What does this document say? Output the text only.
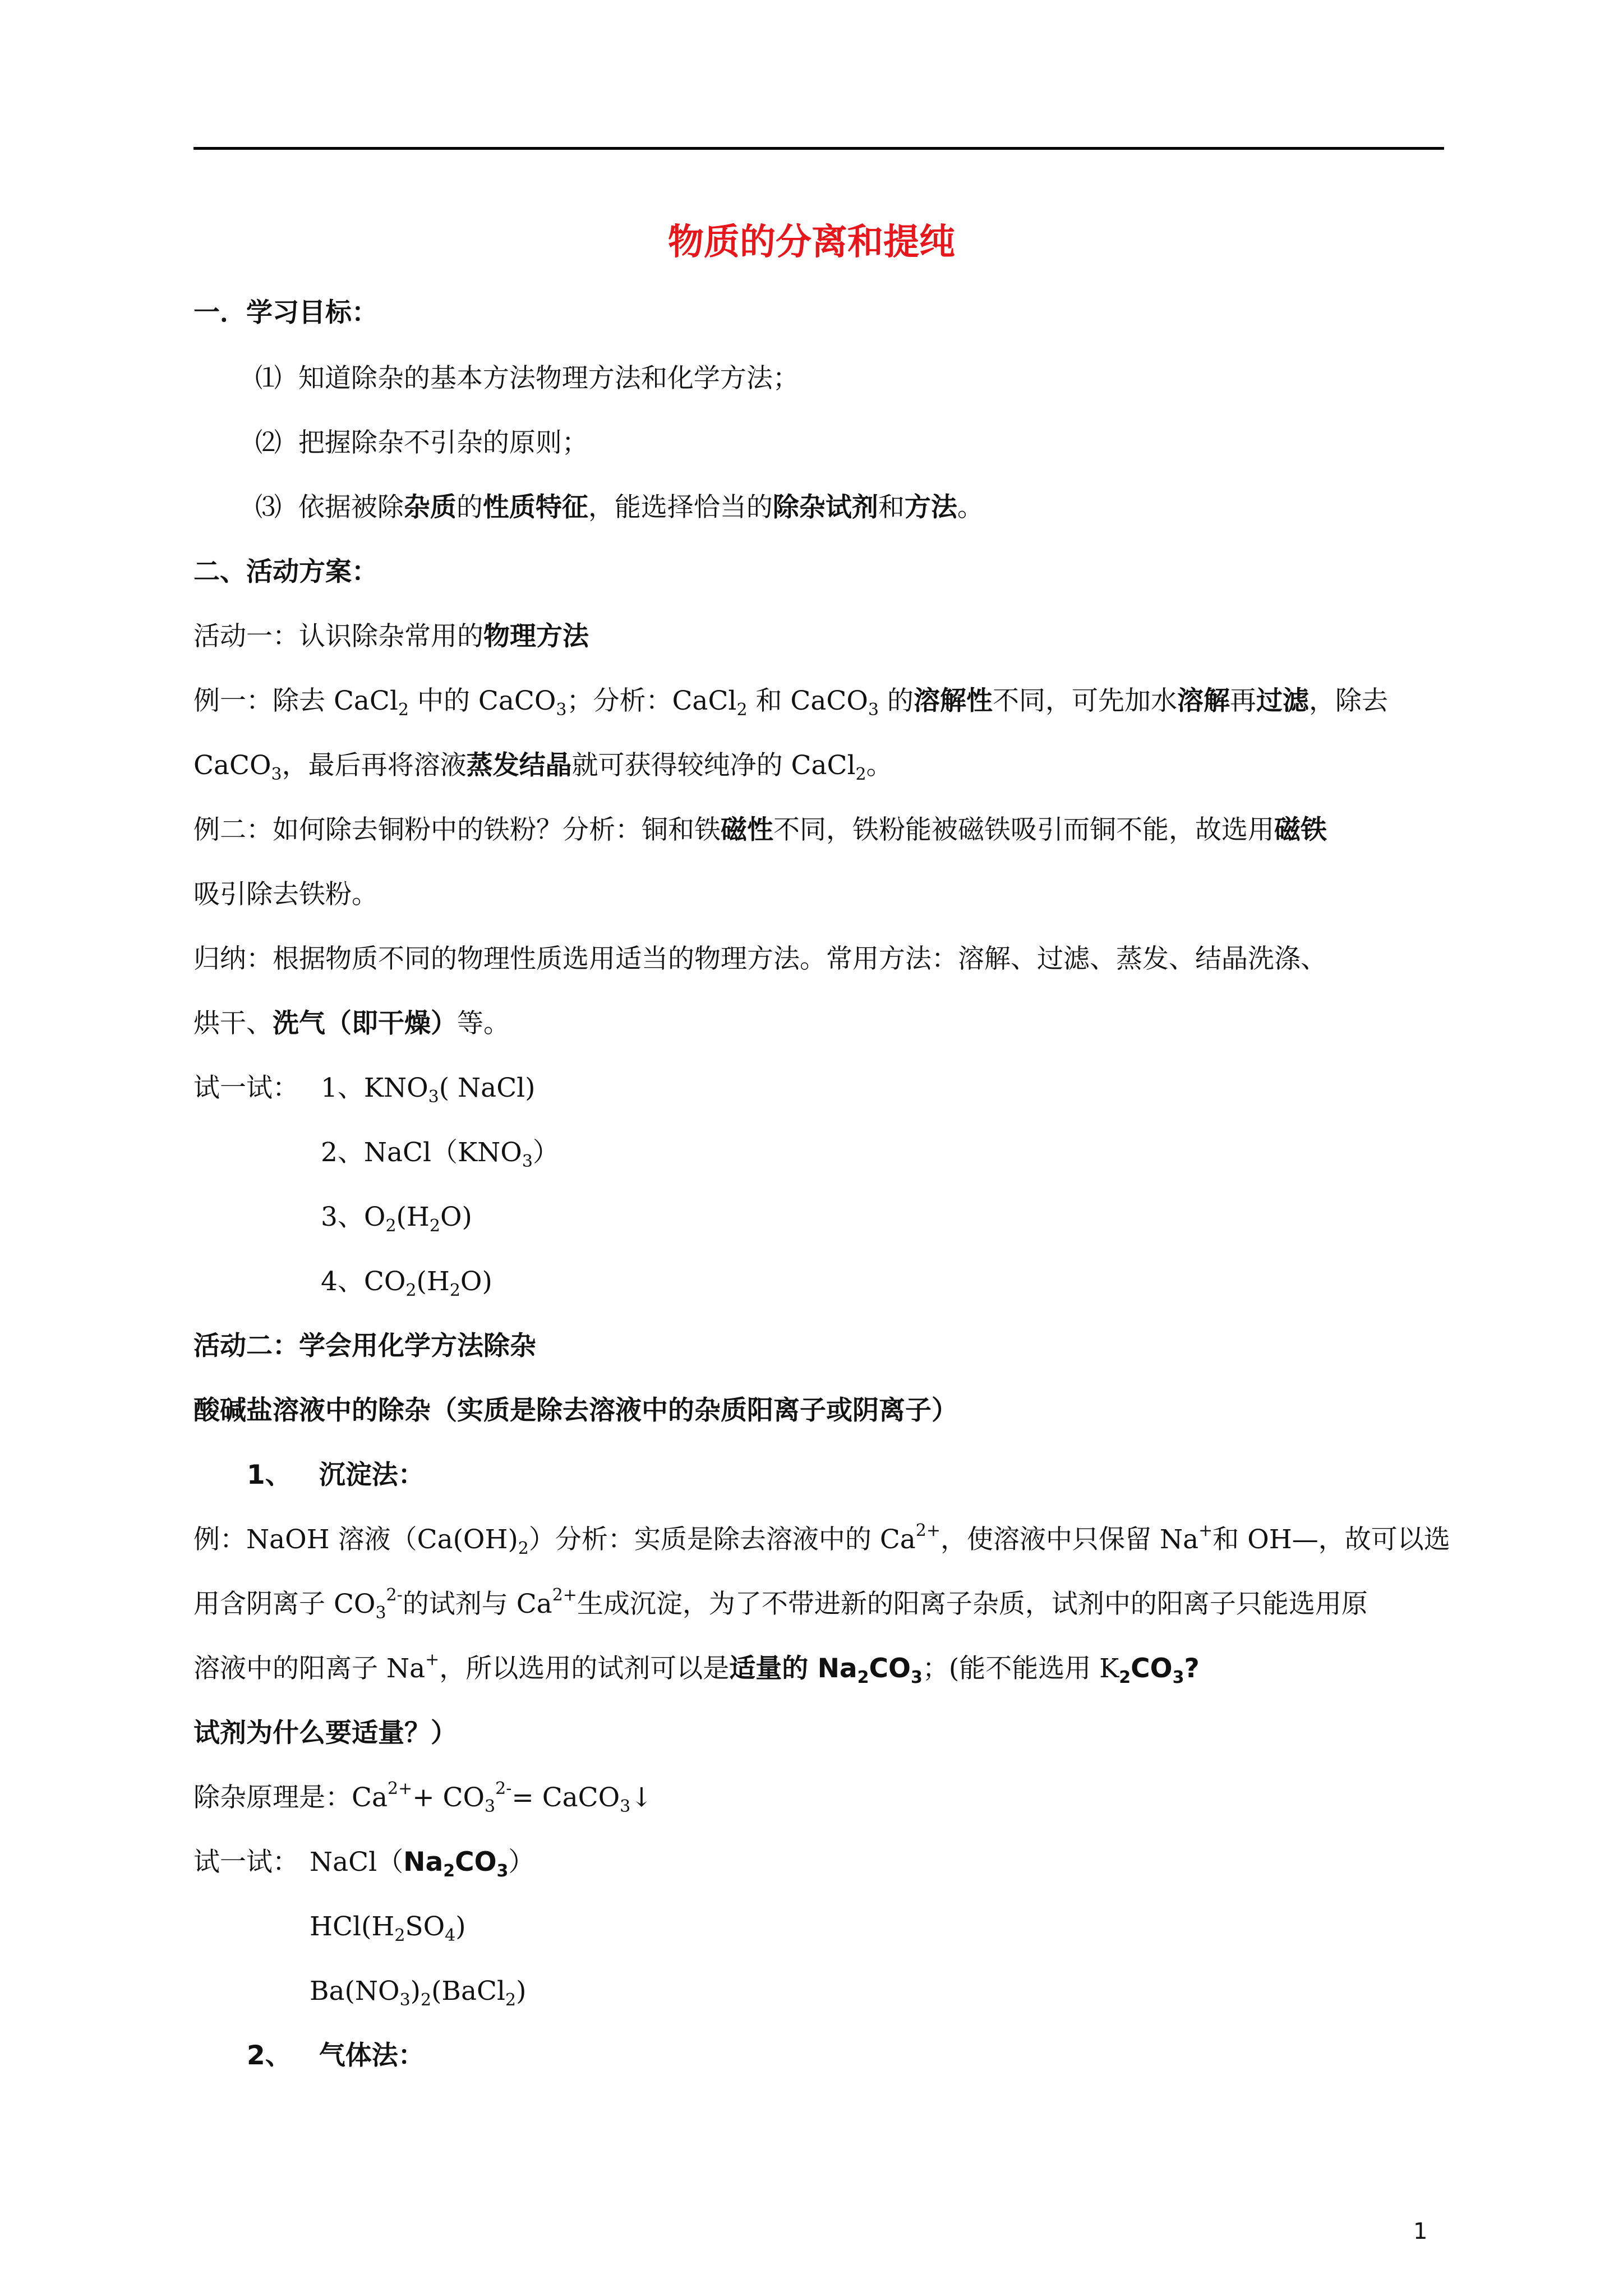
物质的分离和提纯
一．学习目标：
⑴ 知道除杂的基本方法物理方法和化学方法；
⑵ 把握除杂不引杂的原则；
⑶ 依据被除杂质的性质特征，能选择恰当的除杂试剂和方法。
二、活动方案：
活动一：认识除杂常用的物理方法
例一：除去 CaCl$_2$ 中的 CaCO$_3$；分析：CaCl$_2$ 和 CaCO$_3$ 的溶解性不同，可先加水溶解再过滤，除去
CaCO$_3$，最后再将溶液蒸发结晶就可获得较纯净的 CaCl$_2$。
例二：如何除去铜粉中的铁粉？分析：铜和铁磁性不同，铁粉能被磁铁吸引而铜不能，故选用磁铁
吸引除去铁粉。
归纳：根据物质不同的物理性质选用适当的物理方法。常用方法：溶解、过滤、蒸发、结晶洗涤、
烘干、洗气（即干燥）等。
试一试： 1、$KNO_3$( NaCl)
2、$NaCl(KNO_3)$
3、$O_2(H_2O)$
4、$CO_2(H_2O)$
活动二：学会用化学方法除杂
酸碱盐溶液中的除杂（实质是除去溶液中的杂质阳离子或阴离子）
1、 沉淀法：
例：NaOH 溶液$(Ca(OH)_2)$分析：实质是除去溶液中的 $Ca^{2+}$，使溶液中只保留 Na+和 OH—，故可以选
用含阴离子 $CO_3^{2-}$的试剂与 $Ca^{2+}$生成沉淀，为了不带进新的阳离子杂质，试剂中的阳离子只能选用原
溶液中的阳离子 Na+，所以选用的试剂可以是适量的 $Na_2CO_3$；(能不能选用 $K_2CO_3$?
试剂为什么要适量？）
除杂原理是：$Ca^{2+}+ CO_3^{2-}=$ CaCO$_3$↓
试一试： $NaCl(Na_2CO_3)$
$HCl(H_2SO_4)$
$Ba(NO_3)_2(BaCl_2)$
2、 气体法：
1
